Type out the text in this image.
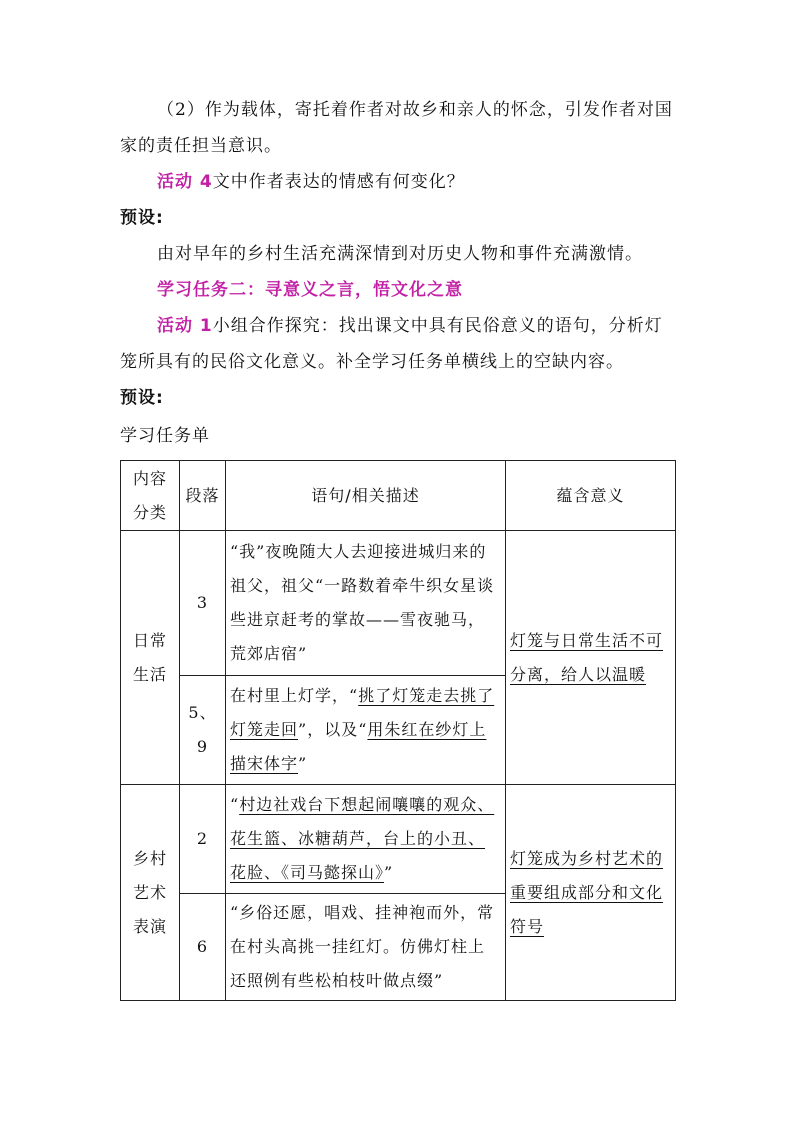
（2）作为载体，寄托着作者对故乡和亲人的怀念，引发作者对国家的责任担当意识。
活动 4文中作者表达的情感有何变化？
预设:
由对早年的乡村生活充满深情到对历史人物和事件充满激情。
学习任务二：寻意义之言，悟文化之意
活动 1小组合作探究：找出课文中具有民俗意义的语句，分析灯笼所具有的民俗文化意义。补全学习任务单横线上的空缺内容。
预设:
学习任务单
内容分类	段落	语句/相关描述	蕴含意义
日常生活	3	“我”夜晚随大人去迎接进城归来的祖父，祖父“一路数着牵牛织女星谈些进京赶考的掌故——雪夜驰马，荒郊店宿”	灯笼与日常生活不可分离，给人以温暖
	5、9	在村里上灯学，“挑了灯笼走去挑了灯笼走回”，以及“用朱红在纱灯上描宋体字”	
乡村艺术表演	2	“村边社戏台下想起闹嚷嚷的观众、花生篮、冰糖葫芦，台上的小丑、花脸、《司马懿探山》”	灯笼成为乡村艺术的重要组成部分和文化符号
	6	“乡俗还愿，唱戏、挂神袍而外，常在村头高挑一挂红灯。仿佛灯柱上还照例有些松柏枝叶做点缀”	
